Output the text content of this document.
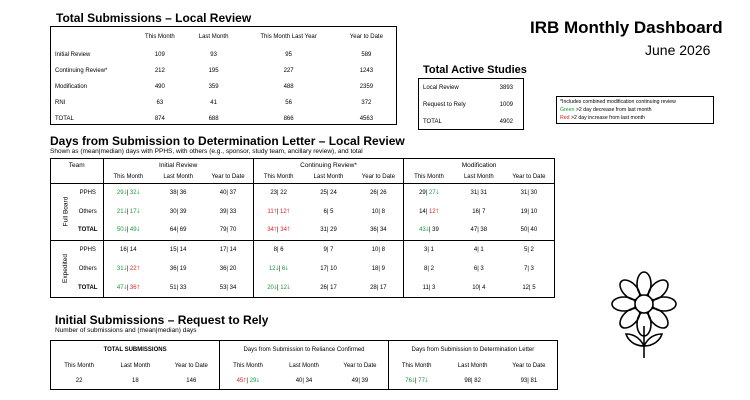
IRB Monthly Dashboard
June 2026
Total Submissions – Local Review
	This Month	Last Month	This Month Last Year	Year to Date
Initial Review	109	93	95	589
Continuing Review*	212	195	227	1243
Modification	490	359	488	2359
RNI	63	41	56	372
TOTAL	874	688	866	4563
Total Active Studies
Local Review	3893
Request to Rely	1009
TOTAL	4902
*Includes combined modification continuing review
Green >2 day decrease from last month
Red >2 day increase from last month
Days from Submission to Determination Letter – Local Review
Shown as (mean|median) days with PPHS, with others (e.g., sponsor, study team, ancillary review), and total
Team		Initial Review			Continuing Review*			Modification		
		This Month	Last Month	Year to Date	This Month	Last Month	Year to Date	This Month	Last Month	Year to Date
Full Board	PPHS	29🡓| 32🡓	38| 36	40| 37	23| 22	25| 24	26| 26	29| 27🡓	31| 31	31| 30
	Others	21🡓| 17🡓	30| 39	39| 33	11🡑| 12🡑	6| 5	10| 8	14| 12🡑	16| 7	19| 10
	TOTAL	50🡓| 49🡓	64| 69	79| 70	34🡑| 34🡑	31| 29	36| 34	43🡓| 39	47| 38	50| 40
Expedited	PPHS	16| 14	15| 14	17| 14	8| 6	9| 7	10| 8	3| 1	4| 1	5| 2
	Others	31🡓| 22🡑	36| 19	36| 20	12🡓| 6🡓	17| 10	18| 9	8| 2	6| 3	7| 3
	TOTAL	47🡓| 36🡑	51| 33	53| 34	20🡓| 12🡓	26| 17	28| 17	11| 3	10| 4	12| 5
Initial Submissions – Request to Rely
Number of submissions and (mean|median) days
TOTAL SUBMISSIONS			Days from Submission to Reliance Confirmed			Days from Submission to Determination Letter		
This Month	Last Month	Year to Date	This Month	Last Month	Year to Date	This Month	Last Month	Year to Date
22	18	146	45🡑| 29🡓	40| 34	49| 39	76🡓| 77🡓	98| 82	93| 81
